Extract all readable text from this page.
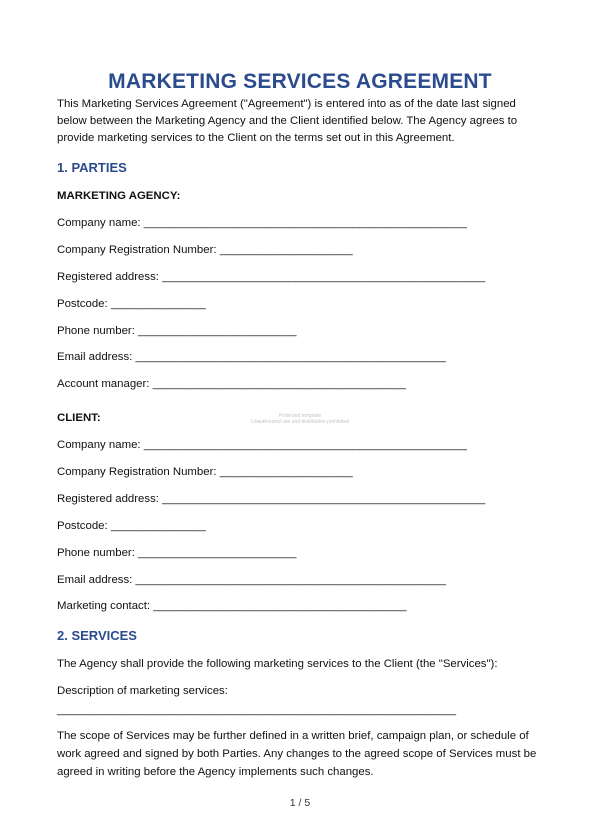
MARKETING SERVICES AGREEMENT

This Marketing Services Agreement ("Agreement") is entered into as of the date last signed below between the Marketing Agency and the Client identified below. The Agency agrees to provide marketing services to the Client on the terms set out in this Agreement.

1. PARTIES

MARKETING AGENCY:

Company name: ___________________________________________________

Company Registration Number: _____________________

Registered address: ___________________________________________________

Postcode: _______________

Phone number: _________________________

Email address: _________________________________________________

Account manager: ________________________________________

CLIENT:	Protected template
Unauthorized use and distribution prohibited

Company name: ___________________________________________________

Company Registration Number: _____________________

Registered address: ___________________________________________________

Postcode: _______________

Phone number: _________________________

Email address: _________________________________________________

Marketing contact: ________________________________________

2. SERVICES

The Agency shall provide the following marketing services to the Client (the "Services"):

Description of marketing services:

_______________________________________________________________

The scope of Services may be further defined in a written brief, campaign plan, or schedule of work agreed and signed by both Parties. Any changes to the agreed scope of Services must be agreed in writing before the Agency implements such changes.

1 / 5
